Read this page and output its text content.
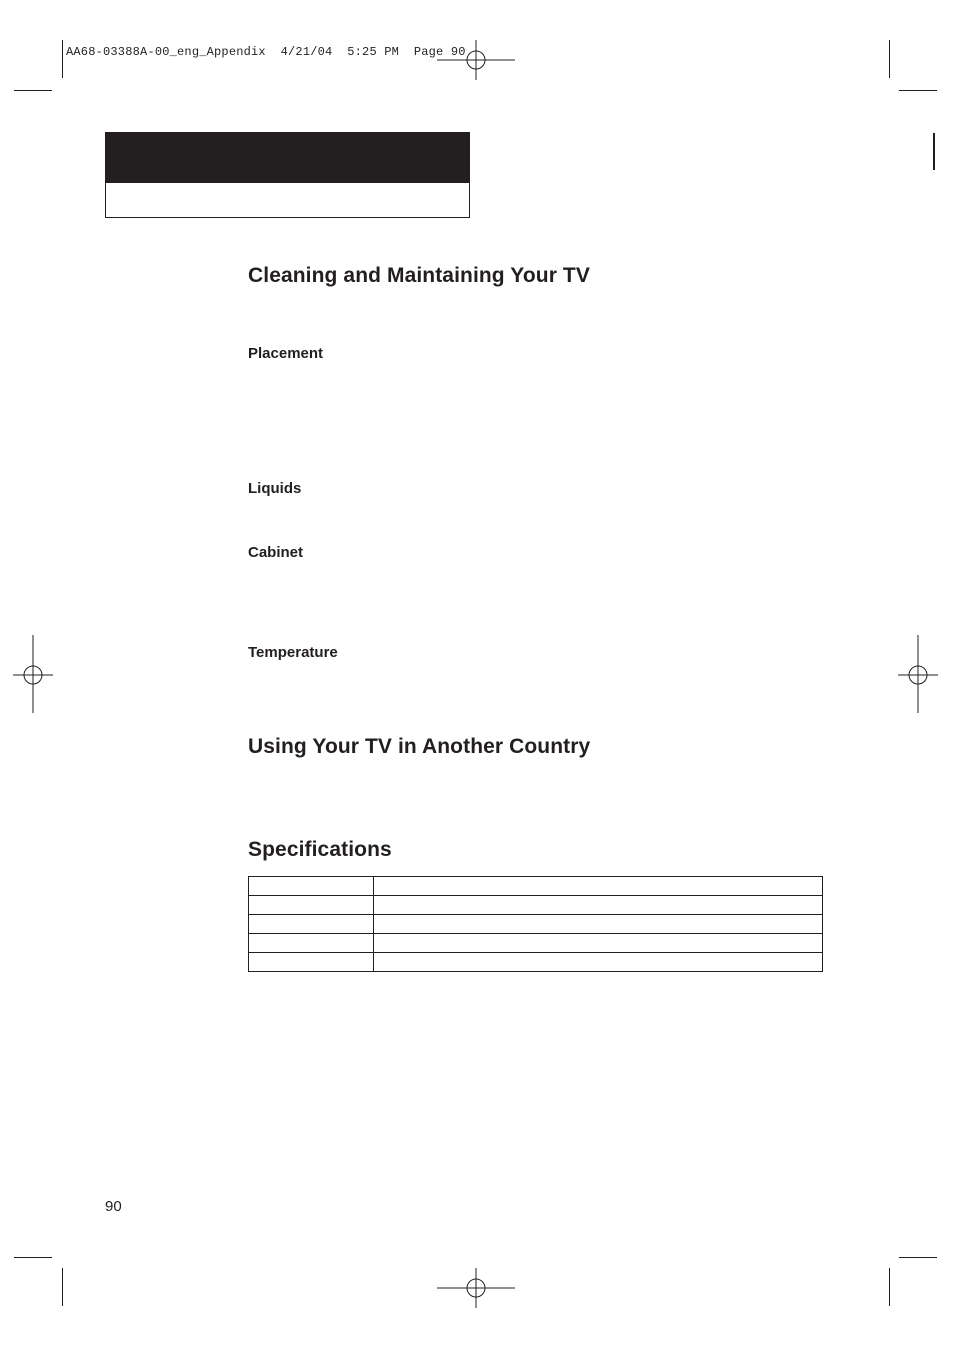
AA68-03388A-00_eng_Appendix  4/21/04  5:25 PM  Page 90
Cleaning and Maintaining Your TV
Placement
Liquids
Cabinet
Temperature
Using Your TV in Another Country
Specifications

90
